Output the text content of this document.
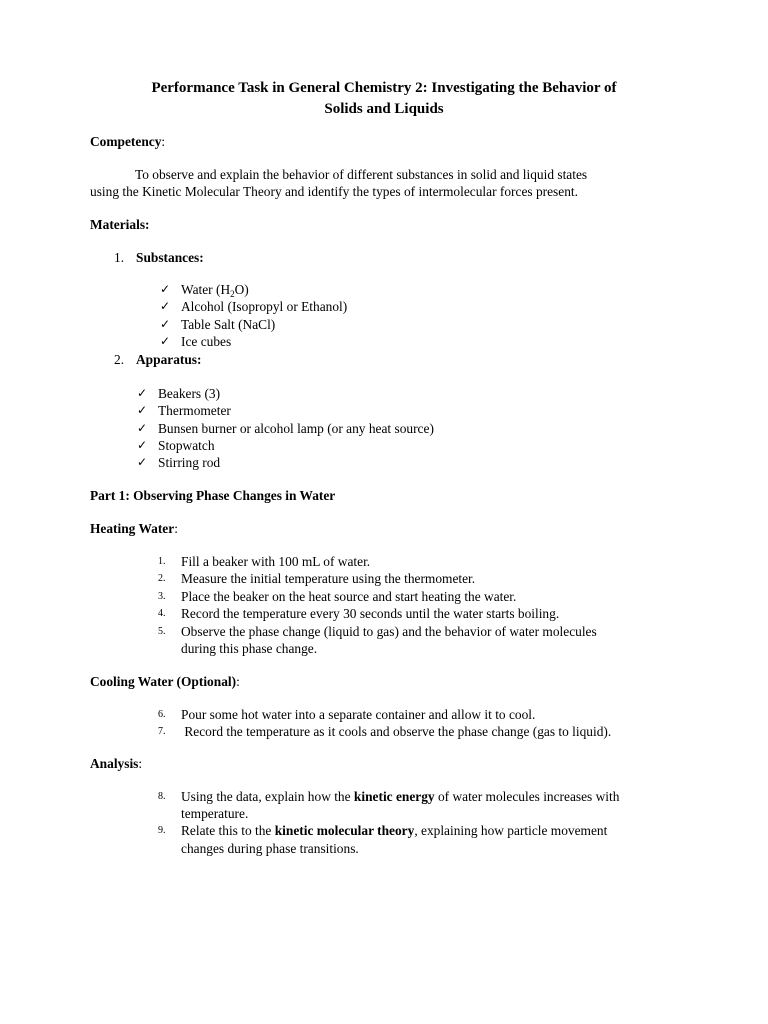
Performance Task in General Chemistry 2: Investigating the Behavior of
Solids and Liquids
Competency:
To observe and explain the behavior of different substances in solid and liquid states
using the Kinetic Molecular Theory and identify the types of intermolecular forces present.
Materials:
1. Substances:
✓ Water $(H_2O)$
✓ Alcohol (Isopropyl or Ethanol)
✓ Table Salt (NaCl)
✓ Ice cubes
2. Apparatus:
✓ Beakers (3)
✓ Thermometer
✓ Bunsen burner or alcohol lamp (or any heat source)
✓ Stopwatch
✓ Stirring rod
Part 1: Observing Phase Changes in Water
Heating Water:
1. Fill a beaker with 100 mL of water.
2. Measure the initial temperature using the thermometer.
3. Place the beaker on the heat source and start heating the water.
4. Record the temperature every 30 seconds until the water starts boiling.
5. Observe the phase change (liquid to gas) and the behavior of water molecules
during this phase change.
Cooling Water (Optional):
6. Pour some hot water into a separate container and allow it to cool.
7. Record the temperature as it cools and observe the phase change (gas to liquid).
Analysis:
8. Using the data, explain how the kinetic energy of water molecules increases with
temperature.
9. Relate this to the kinetic molecular theory, explaining how particle movement
changes during phase transitions.
